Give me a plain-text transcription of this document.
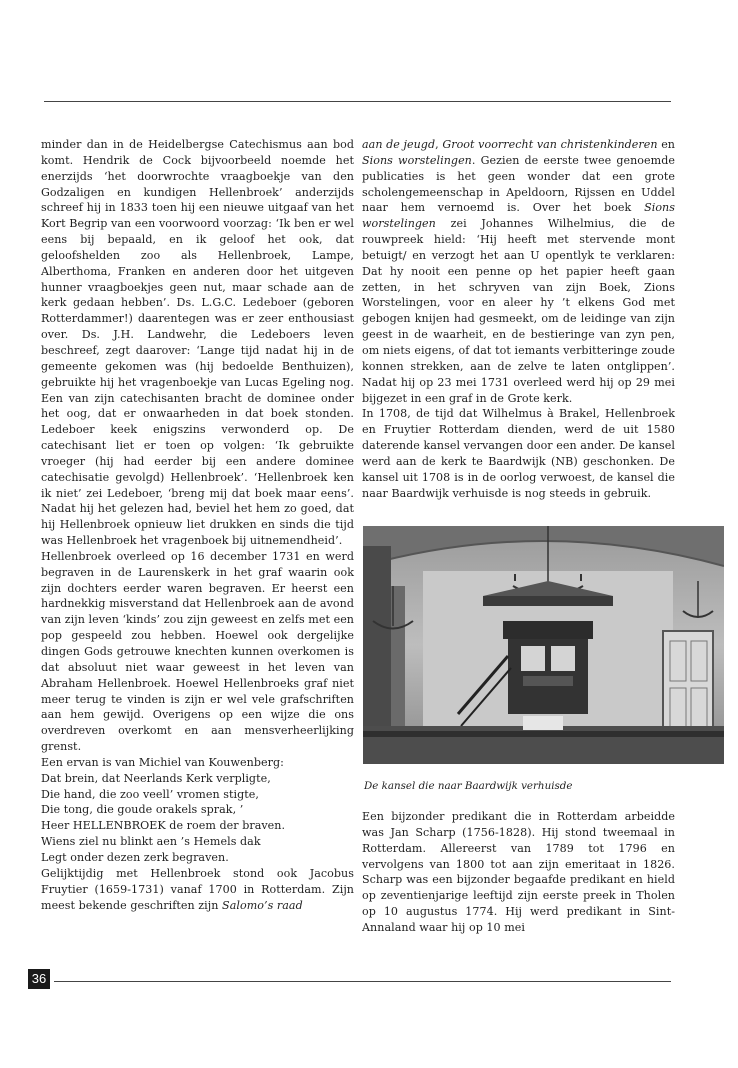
minder dan in de Heidelbergse Catechismus aan bod komt. Hendrik de Cock bijvoorbeeld noemde het enerzijds ‘het doorwrochte vraagboekje van den Godzaligen en kundigen Hellenbroek’ anderzijds schreef hij in 1833 toen hij een nieuwe uitgaaf van het Kort Begrip van een voorwoord voorzag: ‘Ik ben er wel eens bij bepaald, en ik geloof het ook, dat geloofshelden zoo als Hellenbroek, Lampe, Alberthoma, Franken en anderen door het uitgeven hunner vraagboekjes geen nut, maar schade aan de kerk gedaan hebben’. Ds. L.G.C. Ledeboer (geboren Rotterdammer!) daarentegen was er zeer enthousiast over. Ds. J.H. Landwehr, die Ledeboers leven beschreef, zegt daarover: ‘Lange tijd nadat hij in de gemeente gekomen was (hij bedoelde Benthuizen), gebruikte hij het vragenboekje van Lucas Egeling nog. Een van zijn catechisanten bracht de dominee onder het oog, dat er onwaarheden in dat boek stonden. Ledeboer keek enigszins verwonderd op. De catechisant liet er toen op volgen: ‘Ik gebruikte vroeger (hij had eerder bij een andere dominee catechisatie gevolgd) Hellenbroek’. ‘Hellenbroek ken ik niet’ zei Ledeboer, ‘breng mij dat boek maar eens’. Nadat hij het gelezen had, beviel het hem zo goed, dat hij Hellenbroek opnieuw liet drukken en sinds die tijd was Hellenbroek het vragenboek bij uitnemendheid’.

Hellenbroek overleed op 16 december 1731 en werd begraven in de Laurenskerk in het graf waarin ook zijn dochters eerder waren begraven. Er heerst een hardnekkig misverstand dat Hellenbroek aan de avond van zijn leven ‘kinds’ zou zijn geweest en zelfs met een pop gespeeld zou hebben. Hoewel ook dergelijke dingen Gods getrouwe knechten kunnen overkomen is dat absoluut niet waar geweest in het leven van Abraham Hellenbroek. Hoewel Hellenbroeks graf niet meer terug te vinden is zijn er wel vele grafschriften aan hem gewijd. Overigens op een wijze die ons overdreven overkomt en aan mensverheerlijking grenst.

Een ervan is van Michiel van Kouwenberg:

Dat brein, dat Neerlands Kerk verpligte,
Die hand, die zoo veell’ vromen stigte,
Die tong, die goude orakels sprak, ’
Heer HELLENBROEK de roem der braven.
Wiens ziel nu blinkt aen ’s Hemels dak
Legt onder dezen zerk begraven.

Gelijktijdig met Hellenbroek stond ook Jacobus Fruytier (1659-1731) vanaf 1700 in Rotterdam. Zijn meest bekende geschriften zijn Salomo’s raad

aan de jeugd, Groot voorrecht van christenkinderen en Sions worstelingen. Gezien de eerste twee genoemde publicaties is het geen wonder dat een grote scholengemeenschap in Apeldoorn, Rijssen en Uddel naar hem vernoemd is. Over het boek Sions worstelingen zei Johannes Wilhelmius, die de rouwpreek hield: ‘Hij heeft met stervende mont betuigt/ en verzogt het aan U opentlyk te verklaren: Dat hy nooit een penne op het papier heeft gaan zetten, in het schryven van zijn Boek, Zions Worstelingen, voor en aleer hy ’t elkens God met gebogen knijen had gesmeekt, om de leidinge van zijn geest in de waarheit, en de bestieringe van zyn pen, om niets eigens, of dat tot iemants verbitteringe zoude konnen strekken, aan de zelve te laten ontglippen’. Nadat hij op 23 mei 1731 overleed werd hij op 29 mei bijgezet in een graf in de Grote kerk.

In 1708, de tijd dat Wilhelmus à Brakel, Hellenbroek en Fruytier Rotterdam dienden, werd de uit 1580 daterende kansel vervangen door een ander. De kansel werd aan de kerk te Baardwijk (NB) geschonken. De kansel uit 1708 is in de oorlog verwoest, de kansel die naar Baardwijk verhuisde is nog steeds in gebruik.

De kansel die naar Baardwijk verhuisde

Een bijzonder predikant die in Rotterdam arbeidde was Jan Scharp (1756-1828). Hij stond tweemaal in Rotterdam. Allereerst van 1789 tot 1796 en vervolgens van 1800 tot aan zijn emeritaat in 1826. Scharp was een bijzonder begaafde predikant en hield op zeventienjarige leeftijd zijn eerste preek in Tholen op 10 augustus 1774. Hij werd predikant in Sint-Annaland waar hij op 10 mei

36
